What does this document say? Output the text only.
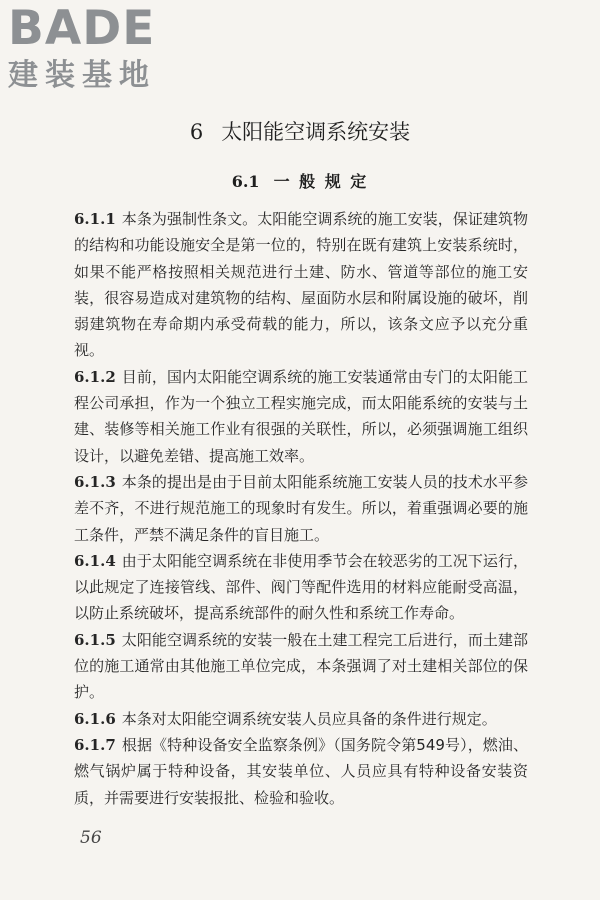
BADE
建装基地
6 太阳能空调系统安装
6.1 一 般 规 定

6.1.1 本条为强制性条文。太阳能空调系统的施工安装，保证建筑物的结构和功能设施安全是第一位的，特别在既有建筑上安装系统时，如果不能严格按照相关规范进行土建、防水、管道等部位的施工安装，很容易造成对建筑物的结构、屋面防水层和附属设施的破坏，削弱建筑物在寿命期内承受荷载的能力，所以，该条文应予以充分重视。

6.1.2 目前，国内太阳能空调系统的施工安装通常由专门的太阳能工程公司承担，作为一个独立工程实施完成，而太阳能系统的安装与土建、装修等相关施工作业有很强的关联性，所以，必须强调施工组织设计，以避免差错、提高施工效率。

6.1.3 本条的提出是由于目前太阳能系统施工安装人员的技术水平参差不齐，不进行规范施工的现象时有发生。所以，着重强调必要的施工条件，严禁不满足条件的盲目施工。

6.1.4 由于太阳能空调系统在非使用季节会在较恶劣的工况下运行，以此规定了连接管线、部件、阀门等配件选用的材料应能耐受高温，以防止系统破坏，提高系统部件的耐久性和系统工作寿命。

6.1.5 太阳能空调系统的安装一般在土建工程完工后进行，而土建部位的施工通常由其他施工单位完成，本条强调了对土建相关部位的保护。

6.1.6 本条对太阳能空调系统安装人员应具备的条件进行规定。

6.1.7 根据《特种设备安全监察条例》（国务院令第549号），燃油、燃气锅炉属于特种设备，其安装单位、人员应具有特种设备安装资质，并需要进行安装报批、检验和验收。

56
